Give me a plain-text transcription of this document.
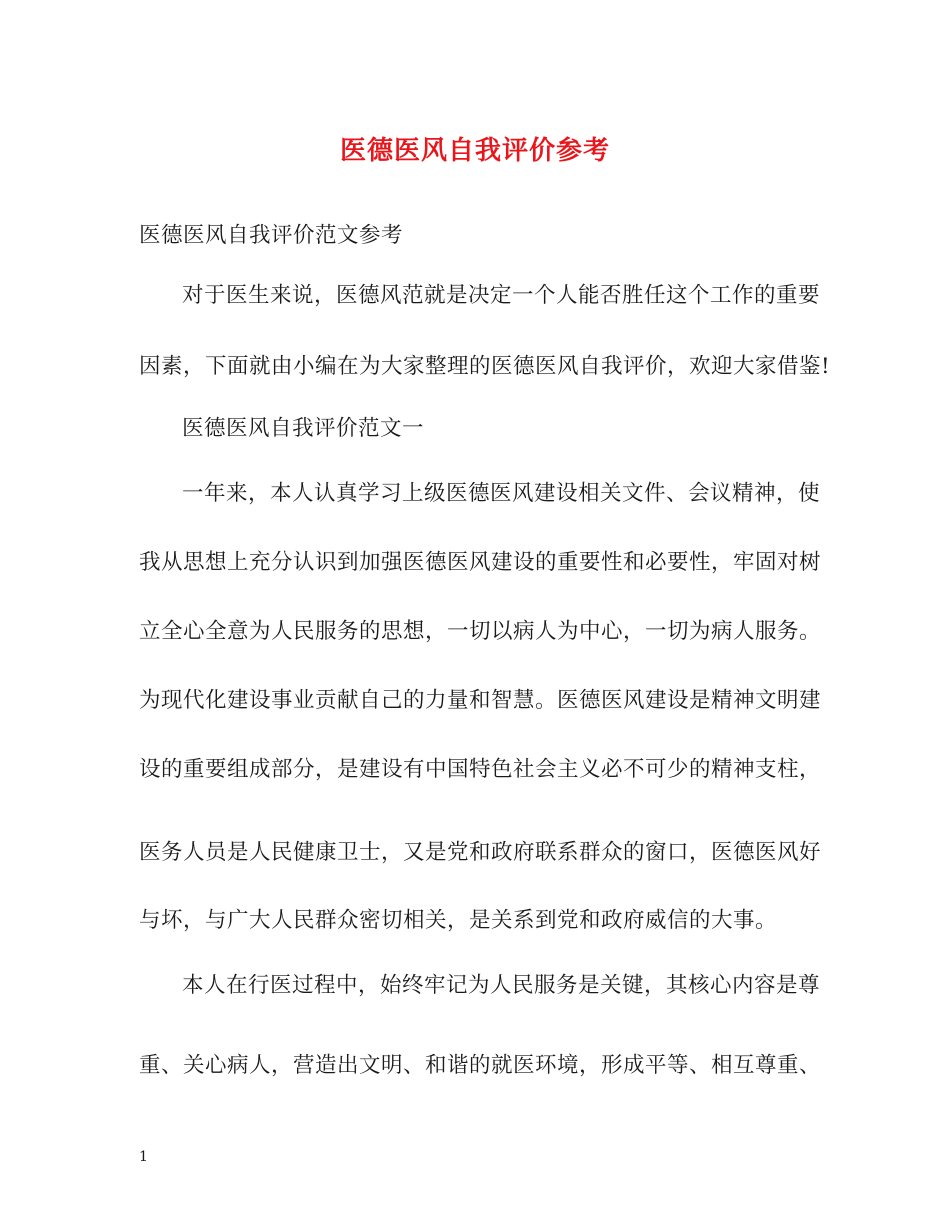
医德医风自我评价参考
医德医风自我评价范文参考
对于医生来说，医德风范就是决定一个人能否胜任这个工作的重要
因素，下面就由小编在为大家整理的医德医风自我评价，欢迎大家借鉴!
医德医风自我评价范文一
一年来，本人认真学习上级医德医风建设相关文件、会议精神，使
我从思想上充分认识到加强医德医风建设的重要性和必要性，牢固对树
立全心全意为人民服务的思想，一切以病人为中心，一切为病人服务。
为现代化建设事业贡献自己的力量和智慧。医德医风建设是精神文明建
设的重要组成部分，是建设有中国特色社会主义必不可少的精神支柱，
医务人员是人民健康卫士，又是党和政府联系群众的窗口，医德医风好
与坏，与广大人民群众密切相关，是关系到党和政府威信的大事。
本人在行医过程中，始终牢记为人民服务是关键，其核心内容是尊
重、关心病人，营造出文明、和谐的就医环境，形成平等、相互尊重、
1
